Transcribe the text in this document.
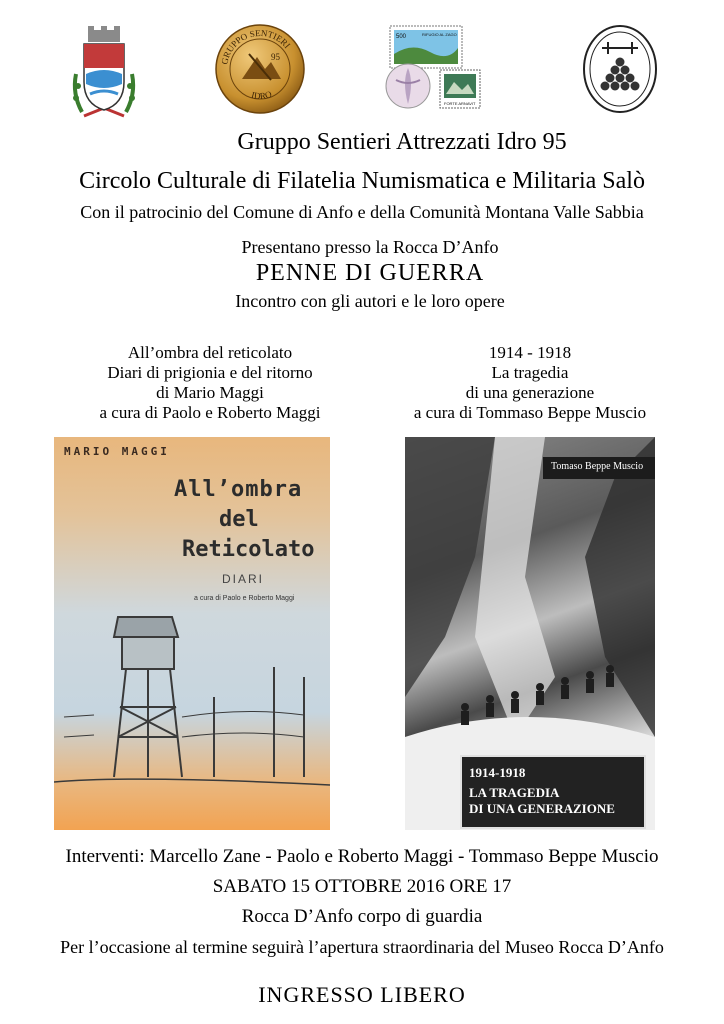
95
GRUPPO SENTIERI
IDRO
500	RIFUGIO AL ZAGO
FORTE ARNAVIT
Gruppo Sentieri Attrezzati Idro 95
Circolo Culturale di Filatelia Numismatica e Militaria Salò
Con il patrocinio del Comune di Anfo e della Comunità Montana Valle Sabbia
Presentano presso la Rocca D’Anfo
PENNE DI GUERRA
Incontro con gli autori e le loro opere
All’ombra del reticolato
Diari di prigionia e del ritorno
di Mario Maggi
a cura di Paolo e Roberto Maggi
1914 - 1918
La tragedia
di una generazione
a cura di Tommaso Beppe Muscio
MARIO MAGGI
All’ombra
del
Reticolato
DIARI
a cura di Paolo e Roberto Maggi
Tomaso Beppe Muscio
1914-1918
LA TRAGEDIA
DI UNA GENERAZIONE
Interventi: Marcello Zane - Paolo e Roberto Maggi - Tommaso Beppe Muscio
SABATO 15 OTTOBRE 2016 ORE 17
Rocca D’Anfo corpo di guardia
Per l’occasione al termine seguirà l’apertura straordinaria del Museo Rocca D’Anfo
INGRESSO LIBERO
